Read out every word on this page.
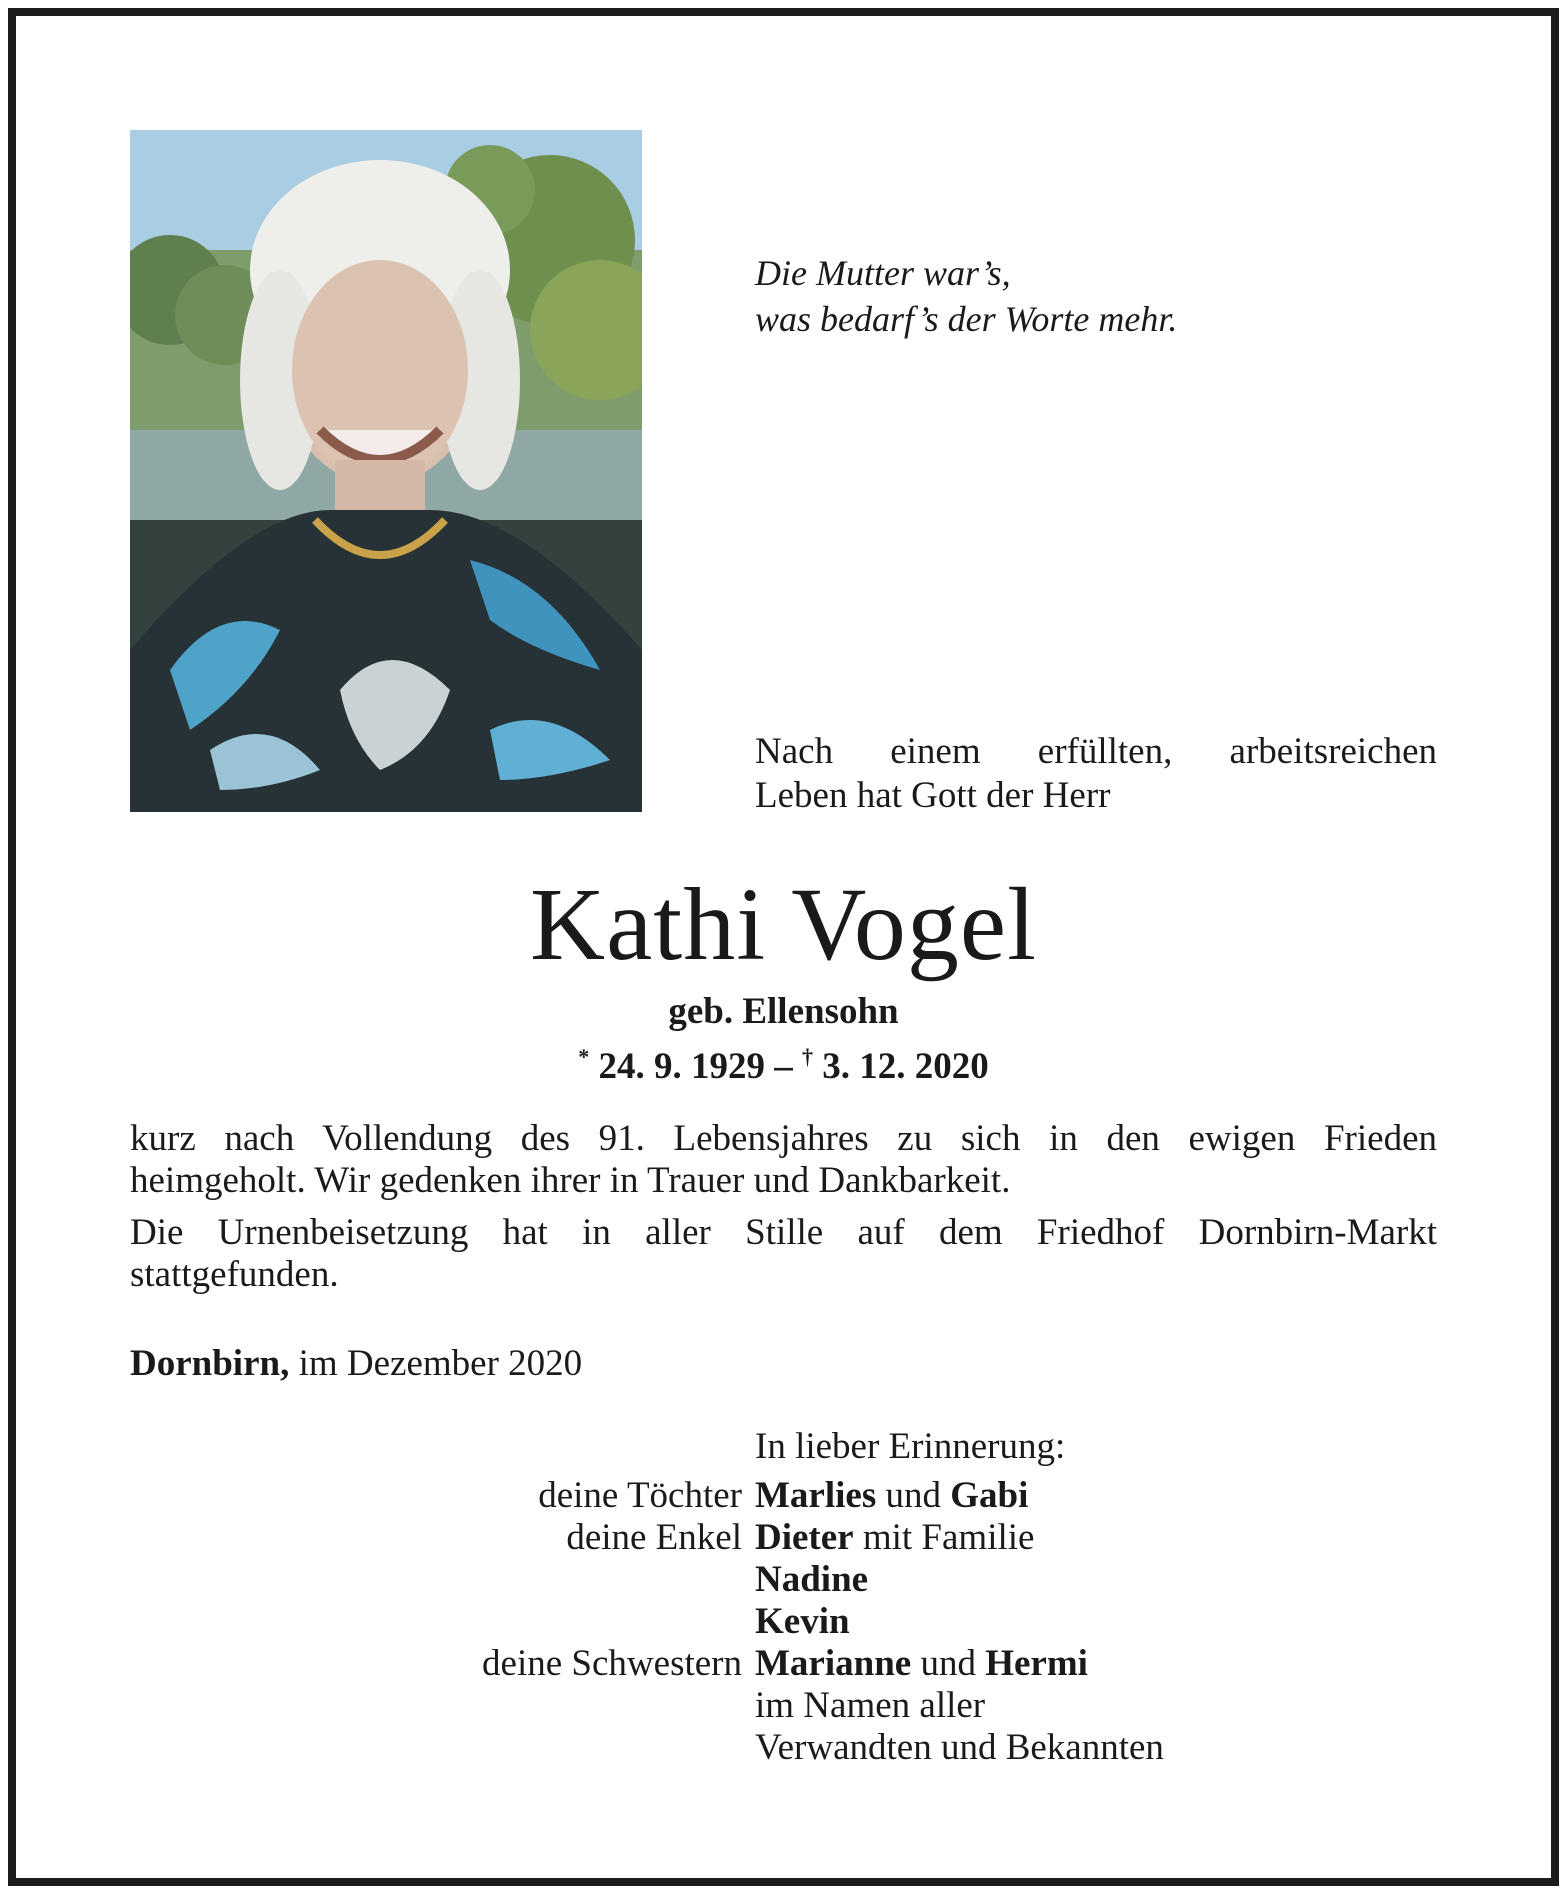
Die Mutter war’s,
was bedarf’s der Worte mehr.
Nach einem erfüllten, arbeitsreichen
Leben hat Gott der Herr
Kathi Vogel
geb. Ellensohn
* 24. 9. 1929 – † 3. 12. 2020

kurz nach Vollendung des 91. Lebensjahres zu sich in den ewigen Frieden
heimgeholt. Wir gedenken ihrer in Trauer und Dankbarkeit.

Die Urnenbeisetzung hat in aller Stille auf dem Friedhof Dornbirn-Markt
stattgefunden.

Dornbirn, im Dezember 2020
In lieber Erinnerung:
deine Töchter Marlies und Gabi
deine Enkel Dieter mit Familie
Nadine
Kevin
deine Schwestern Marianne und Hermi
im Namen aller
Verwandten und Bekannten
